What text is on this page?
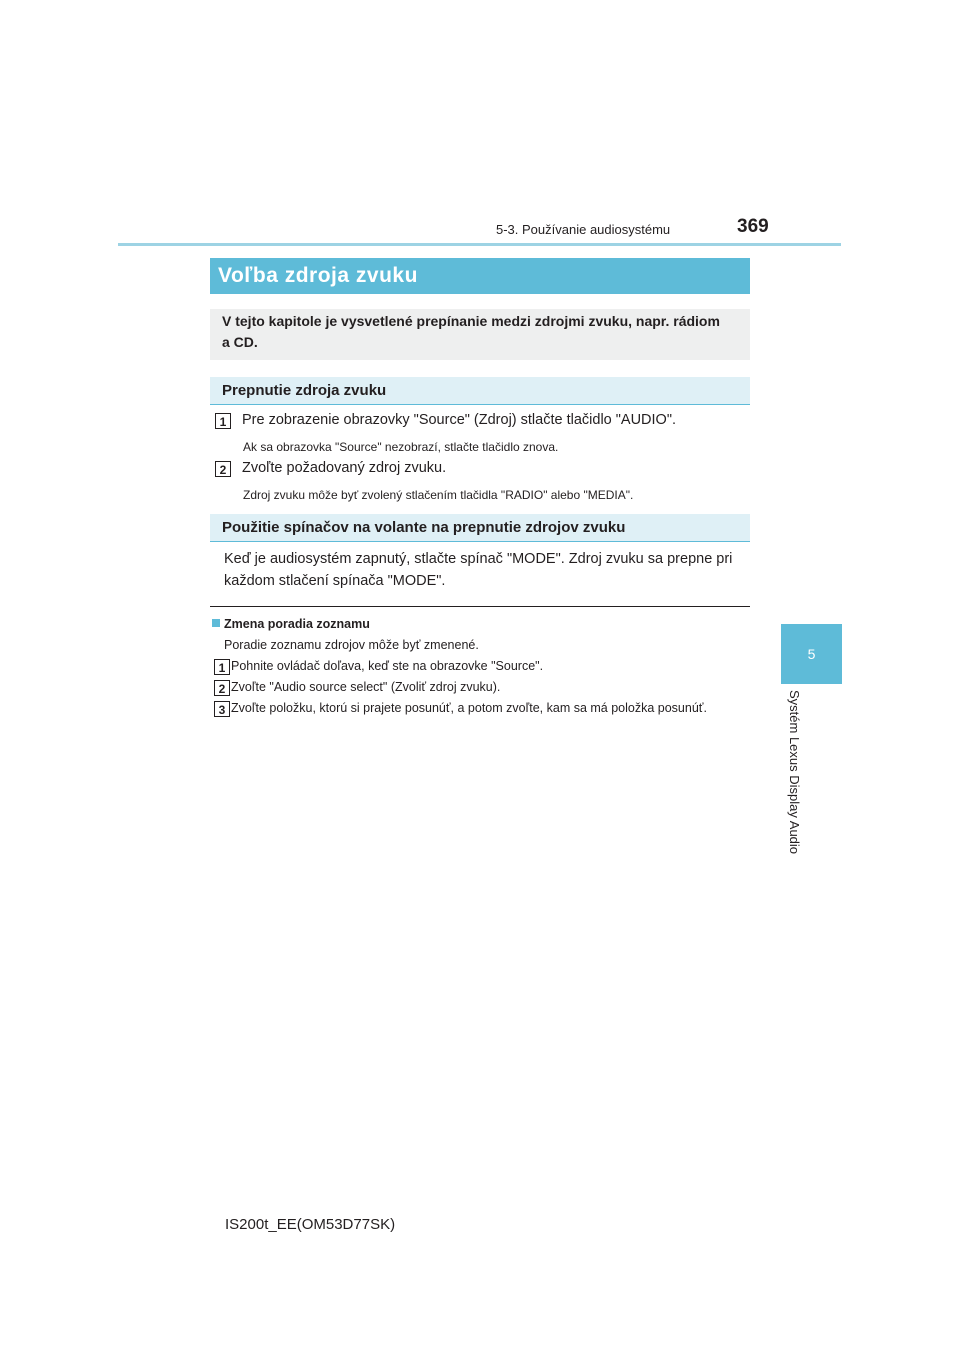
5-3. Používanie audiosystému	369
5
Systém Lexus Display Audio
Voľba zdroja zvuku
V tejto kapitole je vysvetlené prepínanie medzi zdrojmi zvuku, napr. rádiom
a CD.
Prepnutie zdroja zvuku
1	Pre zobrazenie obrazovky "Source" (Zdroj) stlačte tlačidlo "AUDIO".
Ak sa obrazovka "Source" nezobrazí, stlačte tlačidlo znova.
2	Zvoľte požadovaný zdroj zvuku.
Zdroj zvuku môže byť zvolený stlačením tlačidla "RADIO" alebo "MEDIA".
Použitie spínačov na volante na prepnutie zdrojov zvuku
Keď je audiosystém zapnutý, stlačte spínač "MODE". Zdroj zvuku sa prepne pri
každom stlačení spínača "MODE".
Zmena poradia zoznamu
Poradie zoznamu zdrojov môže byť zmenené.
1 Pohnite ovládač doľava, keď ste na obrazovke "Source".
2 Zvoľte "Audio source select" (Zvoliť zdroj zvuku).
3 Zvoľte položku, ktorú si prajete posunúť, a potom zvoľte, kam sa má položka posunúť.
IS200t_EE(OM53D77SK)
